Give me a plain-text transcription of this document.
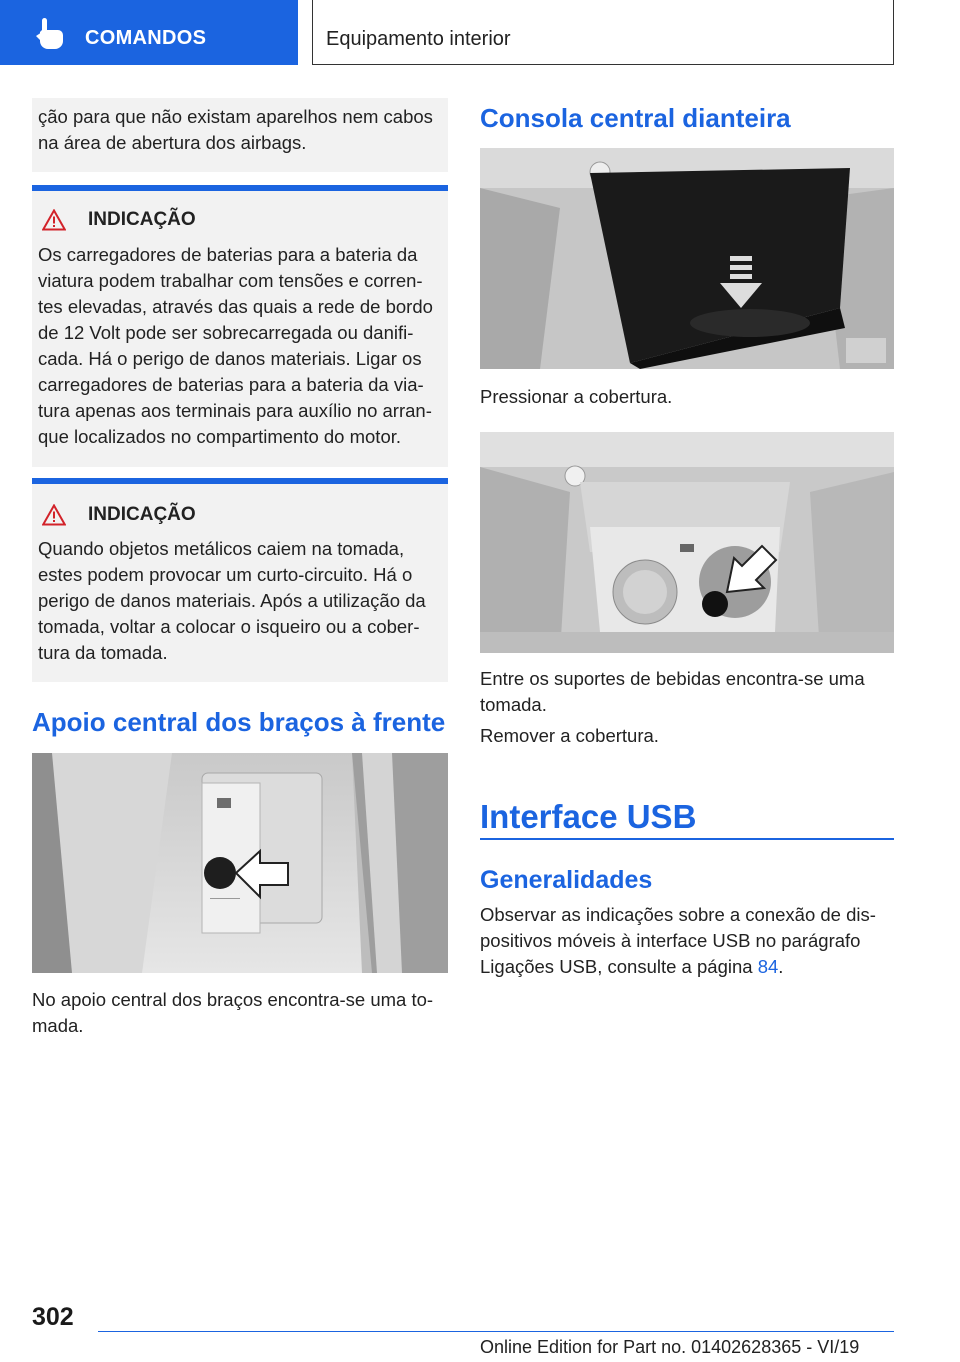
COMANDOS	Equipamento interior
ção para que não existam aparelhos nem cabos na área de abertura dos airbags.
INDICAÇÃO
Os carregadores de baterias para a bateria da viatura podem trabalhar com tensões e corren-tes elevadas, através das quais a rede de bordo de 12 Volt pode ser sobrecarregada ou danifi-cada. Há o perigo de danos materiais. Ligar os carregadores de baterias para a bateria da via-tura apenas aos terminais para auxílio no arran-que localizados no compartimento do motor.
INDICAÇÃO
Quando objetos metálicos caiem na tomada, estes podem provocar um curto-circuito. Há o perigo de danos materiais. Após a utilização da tomada, voltar a colocar o isqueiro ou a cober-tura da tomada.
Apoio central dos braços à frente
No apoio central dos braços encontra-se uma to-mada.
Consola central dianteira
Pressionar a cobertura.
Entre os suportes de bebidas encontra-se uma tomada.
Remover a cobertura.
Interface USB
Generalidades
Observar as indicações sobre a conexão de dis-positivos móveis à interface USB no parágrafo Ligações USB, consulte a página 84.
302
Online Edition for Part no. 01402628365 - VI/19
